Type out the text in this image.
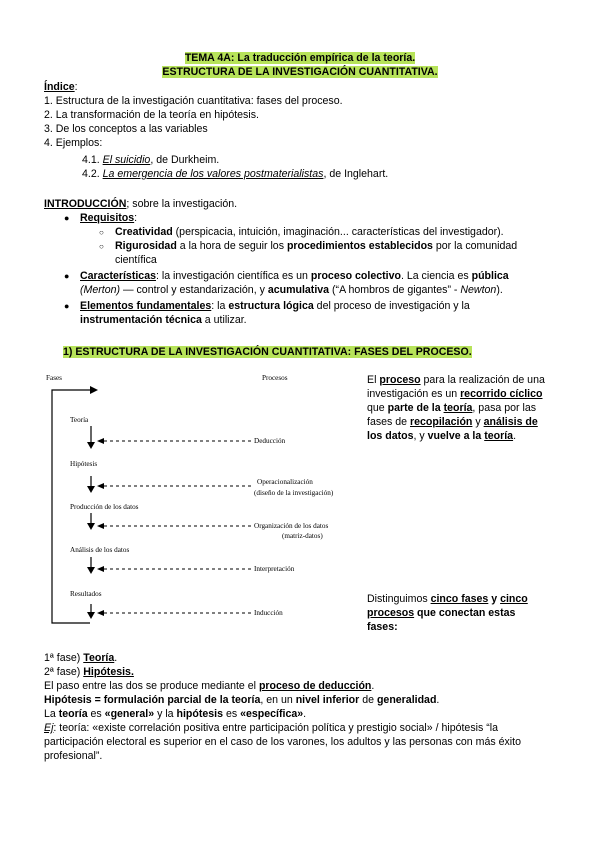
TEMA 4A: La traducción empírica de la teoría.
ESTRUCTURA DE LA INVESTIGACIÓN CUANTITATIVA.
Índice:
1. Estructura de la investigación cuantitativa: fases del proceso.
2. La transformación de la teoría en hipótesis.
3. De los conceptos a las variables
4. Ejemplos:
4.1. El suicidio, de Durkheim.
4.2. La emergencia de los valores postmaterialistas, de Inglehart.
INTRODUCCIÓN; sobre la investigación.
● Requisitos:
○ Creatividad (perspicacia, intuición, imaginación... características del investigador).
○ Rigurosidad a la hora de seguir los procedimientos establecidos por la comunidad
científica
● Características: la investigación científica es un proceso colectivo. La ciencia es pública
(Merton) — control y estandarización, y acumulativa (“A hombros de gigantes” - Newton).
● Elementos fundamentales: la estructura lógica del proceso de investigación y la
instrumentación técnica a utilizar.
1) ESTRUCTURA DE LA INVESTIGACIÓN CUANTITATIVA: FASES DEL PROCESO.
Fases	Procesos
Teoría
Hipótesis
Producción de los datos
Análisis de los datos
Resultados
Deducción
Operacionalización
(diseño de la investigación)
Organización de los datos
(matriz-datos)
Interpretación
Inducción
El proceso para la realización de una
investigación es un recorrido cíclico
que parte de la teoría, pasa por las
fases de recopilación y análisis de
los datos, y vuelve a la teoría.
Distinguimos cinco fases y cinco
procesos que conectan estas
fases:
1ª fase) Teoría.
2ª fase) Hipótesis.
El paso entre las dos se produce mediante el proceso de deducción.
Hipótesis = formulación parcial de la teoría, en un nivel inferior de generalidad.
La teoría es «general» y la hipótesis es «específica».
Ej: teoría: «existe correlación positiva entre participación política y prestigio social» / hipótesis “la
participación electoral es superior en el caso de los varones, los adultos y las personas con más éxito
profesional”.
